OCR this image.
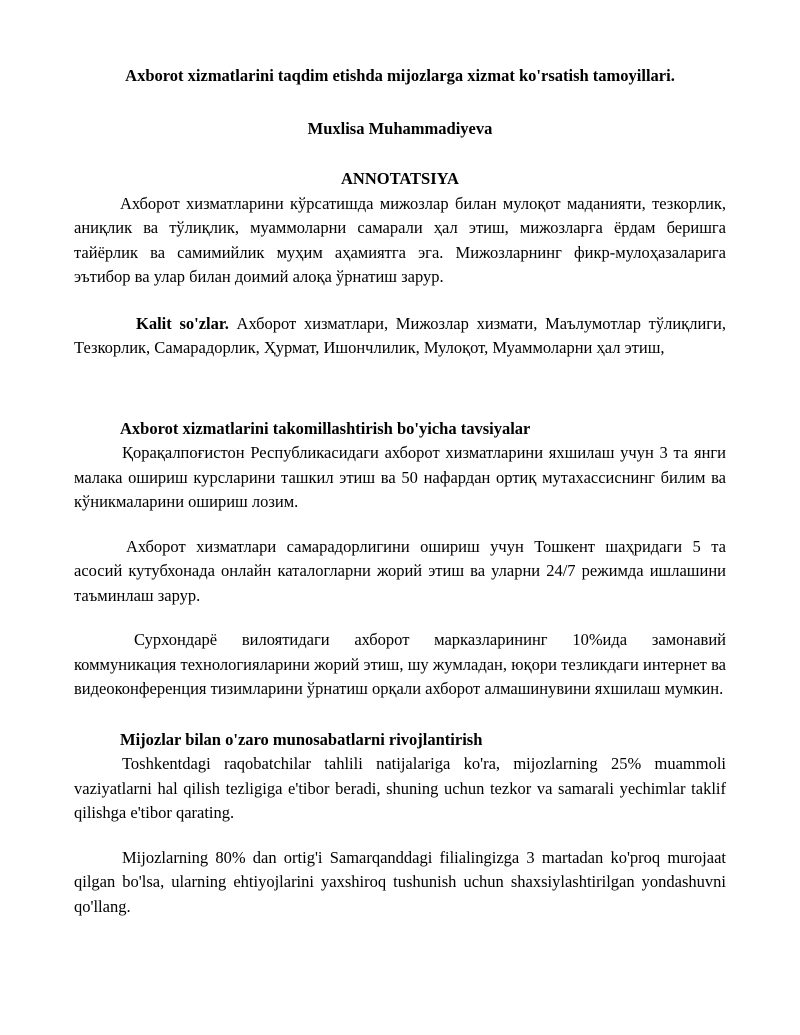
Axborot xizmatlarini taqdim etishda mijozlarga xizmat ko'rsatish tamoyillari.

Muxlisa Muhammadiyeva

ANNOTATSIYA

Ахборот хизматларини кўрсатишда мижозлар билан мулоқот маданияти, тезкорлик, аниқлик ва тўлиқлик, муаммоларни самарали ҳал этиш, мижозларга ёрдам беришга тайёрлик ва самимийлик муҳим аҳамиятга эга. Мижозларнинг фикр-мулоҳазаларига эътибор ва улар билан доимий алоқа ўрнатиш зарур.

Kalit so'zlar. Ахборот хизматлари, Мижозлар хизмати, Маълумотлар тўлиқлиги, Тезкорлик, Самарадорлик, Ҳурмат, Ишончлилик, Мулоқот, Муаммоларни ҳал этиш,

Axborot xizmatlarini takomillashtirish bo'yicha tavsiyalar

Қорақалпоғистон Республикасидаги ахборот хизматларини яхшилаш учун 3 та янги малака ошириш курсларини ташкил этиш ва 50 нафардан ортиқ мутахассиснинг билим ва кўникмаларини ошириш лозим.

Ахборот хизматлари самарадорлигини ошириш учун Тошкент шаҳридаги 5 та асосий кутубхонада онлайн каталогларни жорий этиш ва уларни 24/7 режимда ишлашини таъминлаш зарур.

Сурхондарё вилоятидаги ахборот марказларининг 10%ида замонавий коммуникация технологияларини жорий этиш, шу жумладан, юқори тезликдаги интернет ва видеоконференция тизимларини ўрнатиш орқали ахборот алмашинувини яхшилаш мумкин.

Mijozlar bilan o'zaro munosabatlarni rivojlantirish

Toshkentdagi raqobatchilar tahlili natijalariga ko'ra, mijozlarning 25% muammoli vaziyatlarni hal qilish tezligiga e'tibor beradi, shuning uchun tezkor va samarali yechimlar taklif qilishga e'tibor qarating.

Mijozlarning 80% dan ortig'i Samarqanddagi filialingizga 3 martadan ko'proq murojaat qilgan bo'lsa, ularning ehtiyojlarini yaxshiroq tushunish uchun shaxsiylashtirilgan yondashuvni qo'llang.
